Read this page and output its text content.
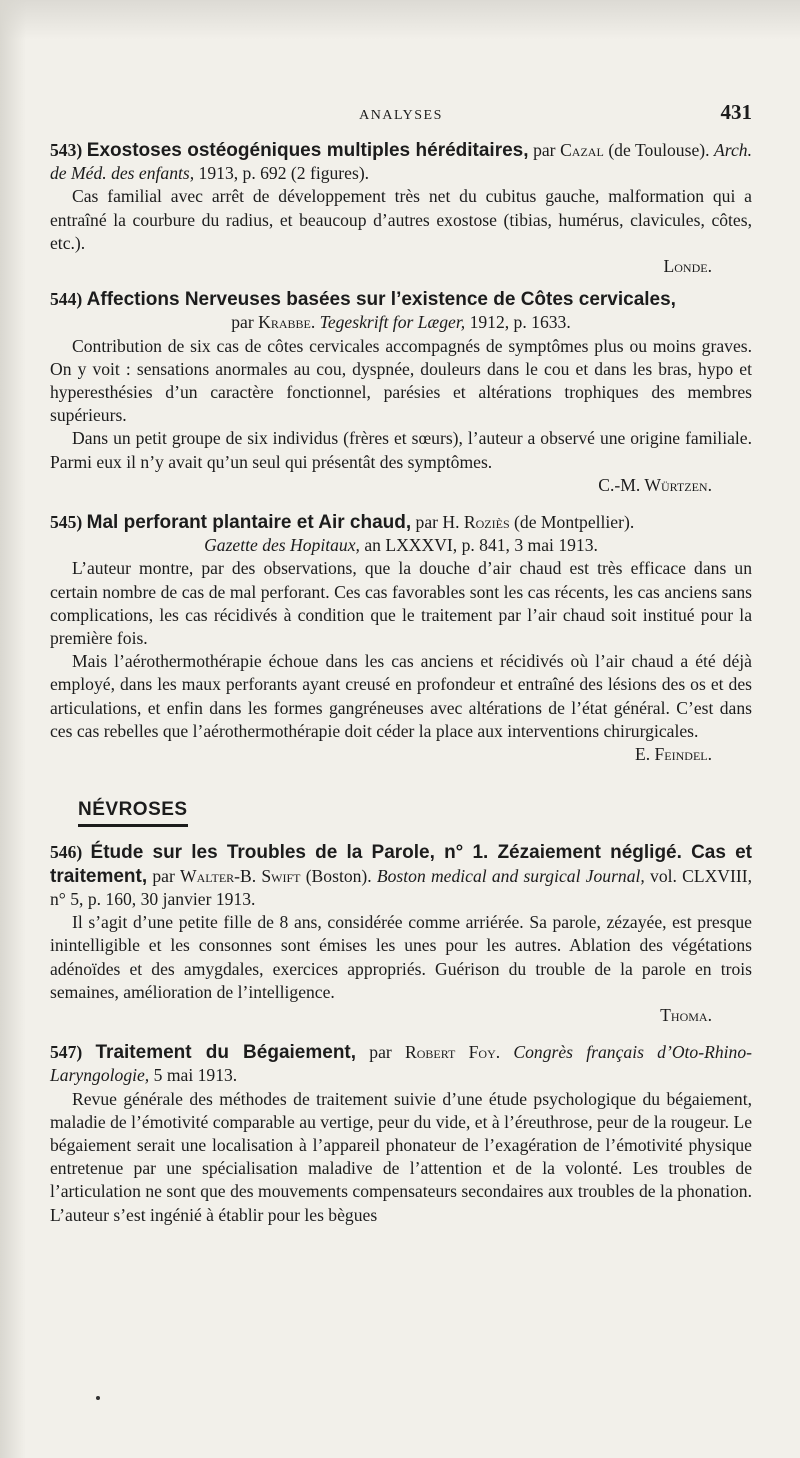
ANALYSES	431

543) Exostoses ostéogéniques multiples héréditaires, par Cazal (de Toulouse). Arch. de Méd. des enfants, 1913, p. 692 (2 figures).

Cas familial avec arrêt de développement très net du cubitus gauche, malformation qui a entraîné la courbure du radius, et beaucoup d’autres exostose (tibias, humérus, clavicules, côtes, etc.).

Londe.

544) Affections Nerveuses basées sur l’existence de Côtes cervicales,

par Krabbe. Tegeskrift for Læger, 1912, p. 1633.

Contribution de six cas de côtes cervicales accompagnés de symptômes plus ou moins graves. On y voit : sensations anormales au cou, dyspnée, douleurs dans le cou et dans les bras, hypo et hyperesthésies d’un caractère fonctionnel, parésies et altérations trophiques des membres supérieurs.

Dans un petit groupe de six individus (frères et sœurs), l’auteur a observé une origine familiale. Parmi eux il n’y avait qu’un seul qui présentât des symptômes.

C.-M. Würtzen.

545) Mal perforant plantaire et Air chaud, par H. Roziès (de Montpellier).

Gazette des Hopitaux, an LXXXVI, p. 841, 3 mai 1913.

L’auteur montre, par des observations, que la douche d’air chaud est très efficace dans un certain nombre de cas de mal perforant. Ces cas favorables sont les cas récents, les cas anciens sans complications, les cas récidivés à condition que le traitement par l’air chaud soit institué pour la première fois.

Mais l’aérothermothérapie échoue dans les cas anciens et récidivés où l’air chaud a été déjà employé, dans les maux perforants ayant creusé en profondeur et entraîné des lésions des os et des articulations, et enfin dans les formes gangréneuses avec altérations de l’état général. C’est dans ces cas rebelles que l’aérothermothérapie doit céder la place aux interventions chirurgicales.

E. Feindel.

NÉVROSES

546) Étude sur les Troubles de la Parole, n° 1. Zézaiement négligé. Cas et traitement, par Walter-B. Swift (Boston). Boston medical and surgical Journal, vol. CLXVIII, n° 5, p. 160, 30 janvier 1913.

Il s’agit d’une petite fille de 8 ans, considérée comme arriérée. Sa parole, zézayée, est presque inintelligible et les consonnes sont émises les unes pour les autres. Ablation des végétations adénoïdes et des amygdales, exercices appropriés. Guérison du trouble de la parole en trois semaines, amélioration de l’intelligence.

Thoma.

547) Traitement du Bégaiement, par Robert Foy. Congrès français d’Oto-Rhino-Laryngologie, 5 mai 1913.

Revue générale des méthodes de traitement suivie d’une étude psychologique du bégaiement, maladie de l’émotivité comparable au vertige, peur du vide, et à l’éreuthrose, peur de la rougeur. Le bégaiement serait une localisation à l’appareil phonateur de l’exagération de l’émotivité physique entretenue par une spécialisation maladive de l’attention et de la volonté. Les troubles de l’articulation ne sont que des mouvements compensateurs secondaires aux troubles de la phonation. L’auteur s’est ingénié à établir pour les bègues
